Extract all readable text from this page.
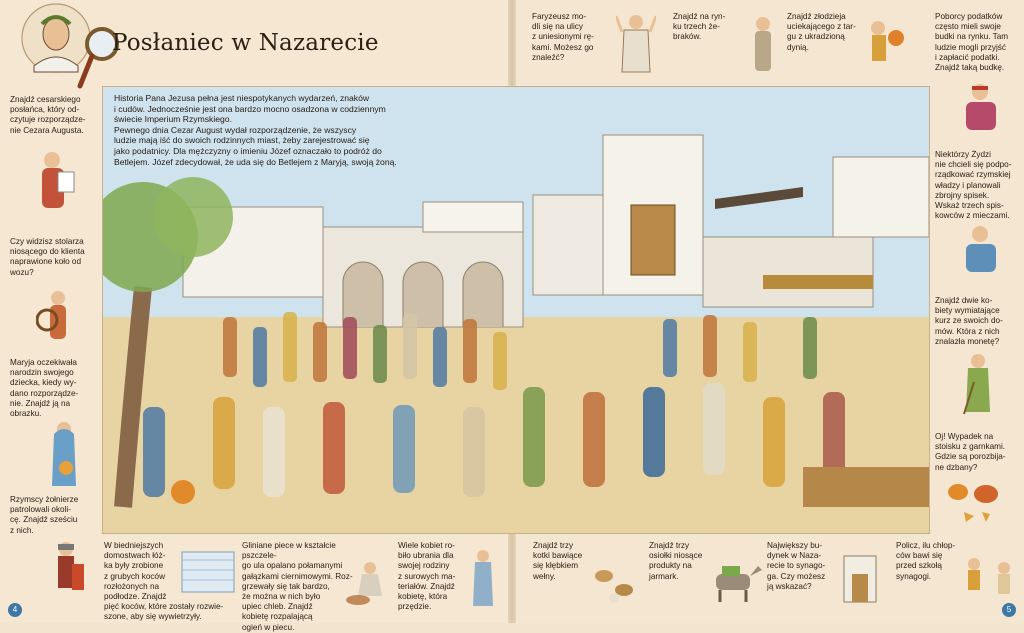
Posłaniec w Nazarecie
Historia Pana Jezusa pełna jest niespotykanych wydarzeń, znaków
i cudów. Jednocześnie jest ona bardzo mocno osadzona w codziennym
świecie Imperium Rzymskiego.
Pewnego dnia Cezar August wydał rozporządzenie, że wszyscy
ludzie mają iść do swoich rodzinnych miast, żeby zarejestrować się
jako podatnicy. Dla mężczyzny o imieniu Józef oznaczało to podróż do
Betlejem. Józef zdecydował, że uda się do Betlejem z Maryją, swoją żoną.
Znajdź cesarskiego
posłańca, który od-
czytuje rozporządze-
nie Cezara Augusta.
Czy widzisz stolarza
niosącego do klienta
naprawione koło od
wozu?
Maryja oczekiwała
narodzin swojego
dziecka, kiedy wy-
dano rozporządze-
nie. Znajdź ją na
obrazku.
Rzymscy żołnierze
patrolowali okoli-
cę. Znajdź sześciu
z nich.
Faryzeusz mo-
dli się na ulicy
z uniesionymi rę-
kami. Możesz go
znaleźć?
Znajdź na ryn-
ku trzech że-
braków.
Znajdź złodzieja
uciekającego z tar-
gu z ukradzioną
dynią.
Poborcy podatków
często mieli swoje
budki na rynku. Tam
ludzie mogli przyjść
i zapłacić podatki.
Znajdź taką budkę.
Niektórzy Żydzi
nie chcieli się podpo-
rządkować rzymskiej
władzy i planowali
zbrojny spisek.
Wskaż trzech spis-
kowców z mieczami.
Znajdź dwie ko-
biety wymiatające
kurz ze swoich do-
mów. Która z nich
znalazła monetę?
Oj! Wypadek na
stoisku z garnkami.
Gdzie są porozbija-
ne dzbany?
W biedniejszych
domostwach łóż-
ka były zrobione
z grubych koców
rozłożonych na
podłodze. Znajdź
pięć koców, które zostały rozwie-
szone, aby się wywietrzyły.
Gliniane piece w kształcie pszczele-
go ula opalano połamanymi
gałązkami ciernimowymi. Roz-
grzewały się tak bardzo,
że można w nich było
upiec chleb. Znajdź
kobietę rozpalającą
ogień w piecu.
Wiele kobiet ro-
biło ubrania dla
swojej rodziny
z surowych ma-
teriałów. Znajdź
kobietę, która
przędzie.
Znajdź trzy
kotki bawiące
się kłębkiem
wełny.
Znajdź trzy
osiołki niosące
produkty na
jarmark.
Największy bu-
dynek w Naza-
recie to synago-
ga. Czy możesz
ją wskazać?
Policz, ilu chłop-
ców bawi się
przed szkołą
synagogi.
4	5
